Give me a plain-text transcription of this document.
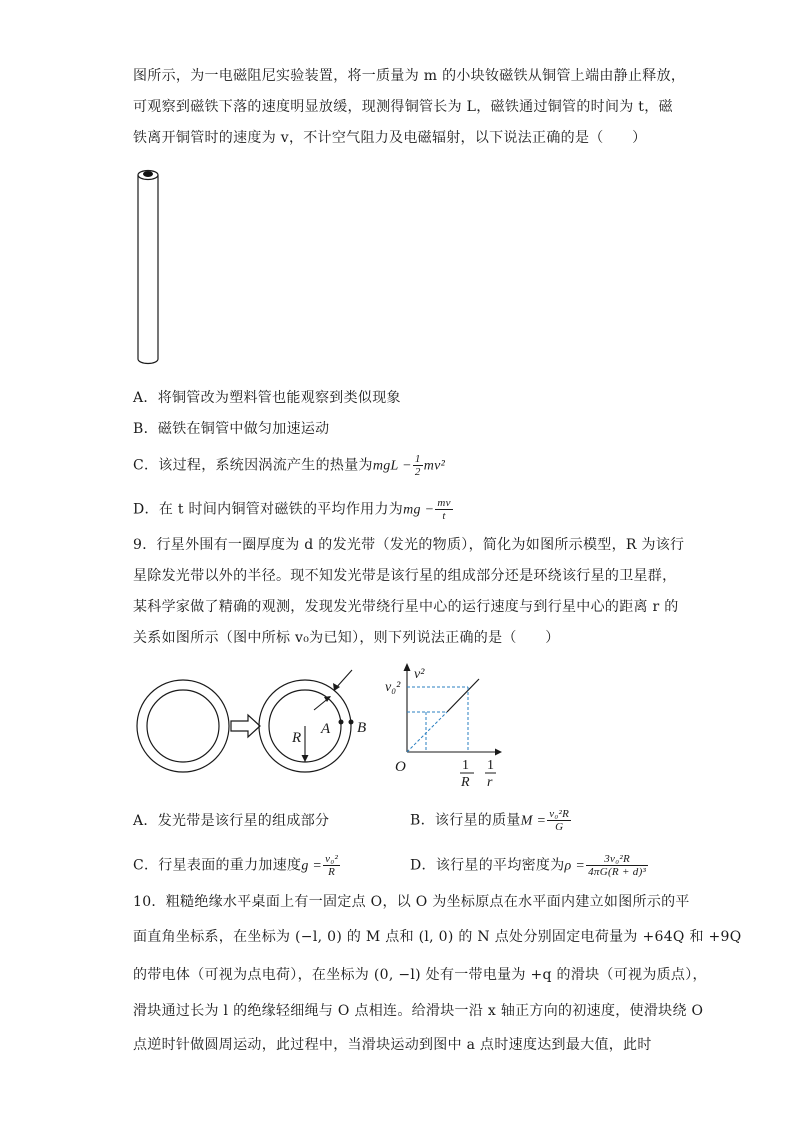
图所示，为一电磁阻尼实验装置，将一质量为 m 的小块钕磁铁从铜管上端由静止释放，
可观察到磁铁下落的速度明显放缓，现测得铜管长为 L，磁铁通过铜管的时间为 t，磁
铁离开铜管时的速度为 v，不计空气阻力及电磁辐射，以下说法正确的是（　　）
A．将铜管改为塑料管也能观察到类似现象
B．磁铁在铜管中做匀加速运动
C．该过程，系统因涡流产生的热量为mgL − $\frac{1}{2} mv^2$
D．在 t 时间内铜管对磁铁的平均作用力为mg − $\frac{mv}{t}$
9．行星外围有一圈厚度为 d 的发光带（发光的物质），简化为如图所示模型，R 为该行
星除发光带以外的半径。现不知发光带是该行星的组成部分还是环绕该行星的卫星群，
某科学家做了精确的观测，发现发光带绕行星中心的运行速度与到行星中心的距离 r 的
关系如图所示（图中所标 v₀为已知），则下列说法正确的是（　　）
R
A B
v²
v₀²
O	1
R
1
r
A．发光带是该行星的组成部分	B．该行星的质量$M = \frac{\text{v₀²R}}{G}$
C．行星表面的重力加速度$g = \frac{\text{v₀²}}{R}$	D．该行星的平均密度为$\rho = \frac{\text{3v₀²R}}{\text{4πG(R + d)³}}$
10．粗糙绝缘水平桌面上有一固定点 O，以 O 为坐标原点在水平面内建立如图所示的平
面直角坐标系，在坐标为 (−l, 0) 的 M 点和 (l, 0) 的 N 点处分别固定电荷量为 +64Q 和 +9Q
的带电体（可视为点电荷），在坐标为 (0, −l) 处有一带电量为 +q 的滑块（可视为质点），
滑块通过长为 l 的绝缘轻细绳与 O 点相连。给滑块一沿 x 轴正方向的初速度，使滑块绕 O
点逆时针做圆周运动，此过程中，当滑块运动到图中 a 点时速度达到最大值，此时
